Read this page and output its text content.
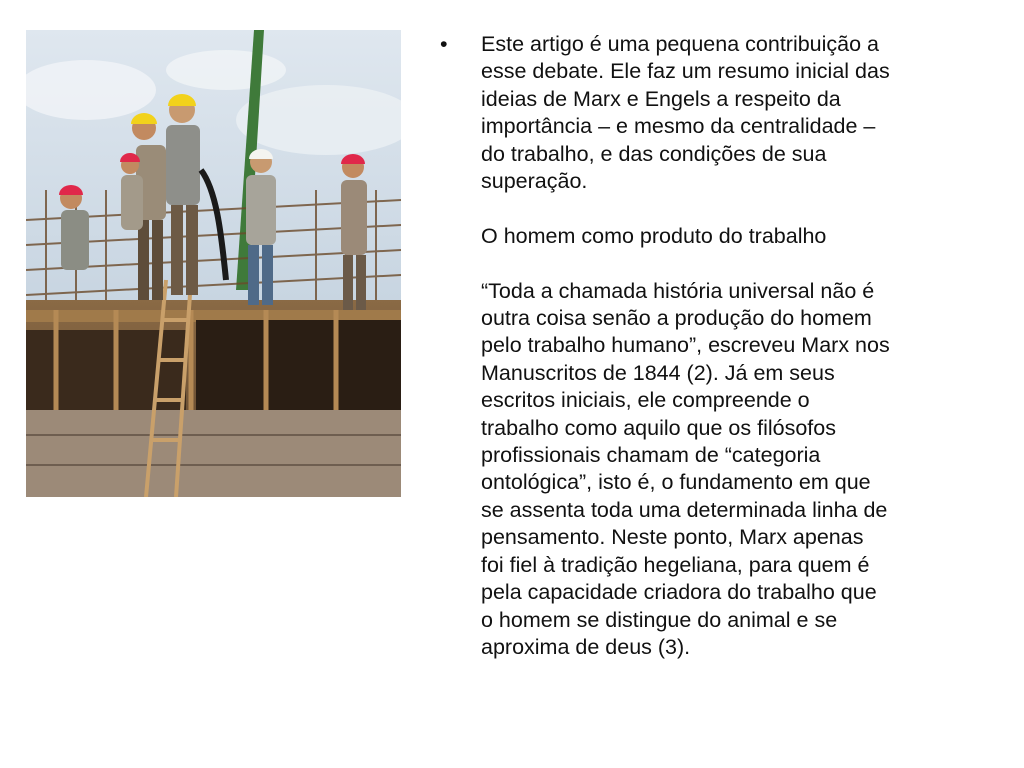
•	Este artigo é uma pequena contribuição a

esse debate. Ele faz um resumo inicial das

ideias de Marx e Engels a respeito da

importância – e mesmo da centralidade –

do trabalho, e das condições de sua

superação.

O homem como produto do trabalho

“Toda a chamada história universal não é

outra coisa senão a produção do homem

pelo trabalho humano”, escreveu Marx nos

Manuscritos de 1844 (2). Já em seus

escritos iniciais, ele compreende o

trabalho como aquilo que os filósofos

profissionais chamam de “categoria

ontológica”, isto é, o fundamento em que

se assenta toda uma determinada linha de

pensamento. Neste ponto, Marx apenas

foi fiel à tradição hegeliana, para quem é

pela capacidade criadora do trabalho que

o homem se distingue do animal e se

aproxima de deus (3).
